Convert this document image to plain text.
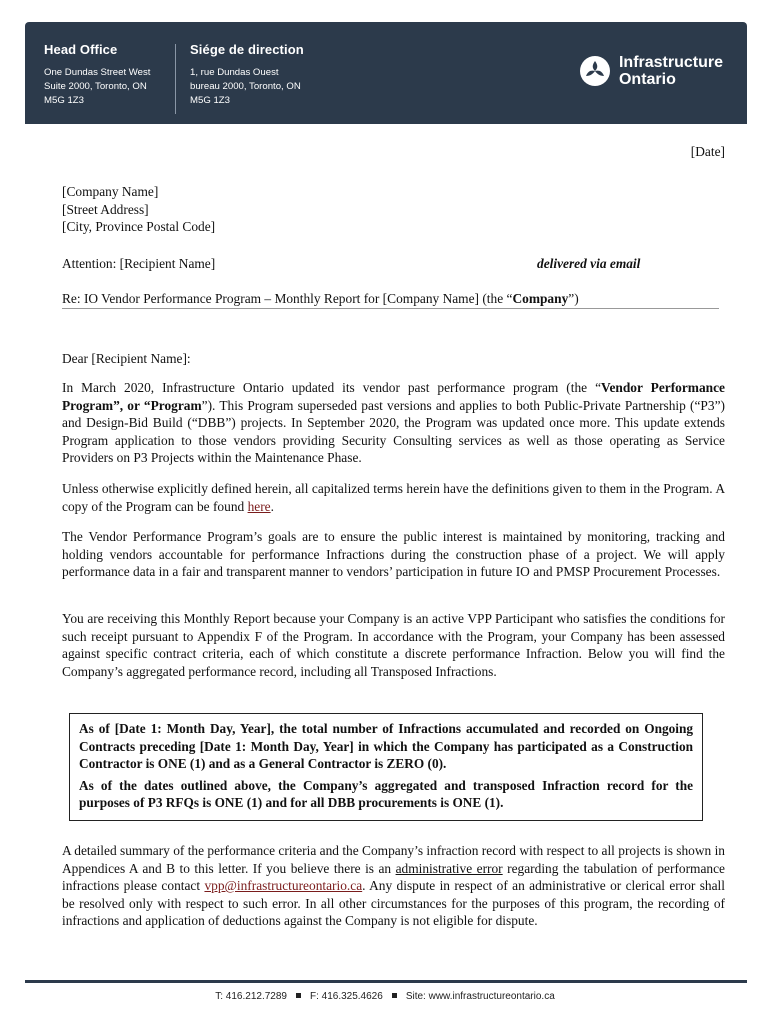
Head Office
One Dundas Street West
Suite 2000, Toronto, ON
M5G 1Z3
Siége de direction
1, rue Dundas Ouest
bureau 2000, Toronto, ON
M5G 1Z3
Infrastructure
Ontario
[Date]
[Company Name]
[Street Address]
[City, Province Postal Code]
Attention: [Recipient Name]	delivered via email
Re: IO Vendor Performance Program – Monthly Report for [Company Name] (the “Company”)
Dear [Recipient Name]:

In March 2020, Infrastructure Ontario updated its vendor past performance program (the “Vendor Performance Program”, or “Program”). This Program superseded past versions and applies to both Public-Private Partnership (“P3”) and Design-Bid Build (“DBB”) projects. In September 2020, the Program was updated once more. This update extends Program application to those vendors providing Security Consulting services as well as those operating as Service Providers on P3 Projects within the Maintenance Phase.

Unless otherwise explicitly defined herein, all capitalized terms herein have the definitions given to them in the Program. A copy of the Program can be found here.

The Vendor Performance Program’s goals are to ensure the public interest is maintained by monitoring, tracking and holding vendors accountable for performance Infractions during the construction phase of a project. We will apply performance data in a fair and transparent manner to vendors’ participation in future IO and PMSP Procurement Processes.

You are receiving this Monthly Report because your Company is an active VPP Participant who satisfies the conditions for such receipt pursuant to Appendix F of the Program. In accordance with the Program, your Company has been assessed against specific contract criteria, each of which constitute a discrete performance Infraction. Below you will find the Company’s aggregated performance record, including all Transposed Infractions.

As of [Date 1: Month Day, Year], the total number of Infractions accumulated and recorded on Ongoing Contracts preceding [Date 1: Month Day, Year] in which the Company has participated as a Construction Contractor is ONE (1) and as a General Contractor is ZERO (0).

As of the dates outlined above, the Company’s aggregated and transposed Infraction record for the purposes of P3 RFQs is ONE (1) and for all DBB procurements is ONE (1).

A detailed summary of the performance criteria and the Company’s infraction record with respect to all projects is shown in Appendices A and B to this letter. If you believe there is an administrative error regarding the tabulation of performance infractions please contact vpp@infrastructureontario.ca. Any dispute in respect of an administrative or clerical error shall be resolved only with respect to such error. In all other circumstances for the purposes of this program, the recording of infractions and application of deductions against the Company is not eligible for dispute.

T: 416.212.7289 F: 416.325.4626 Site: www.infrastructureontario.ca
